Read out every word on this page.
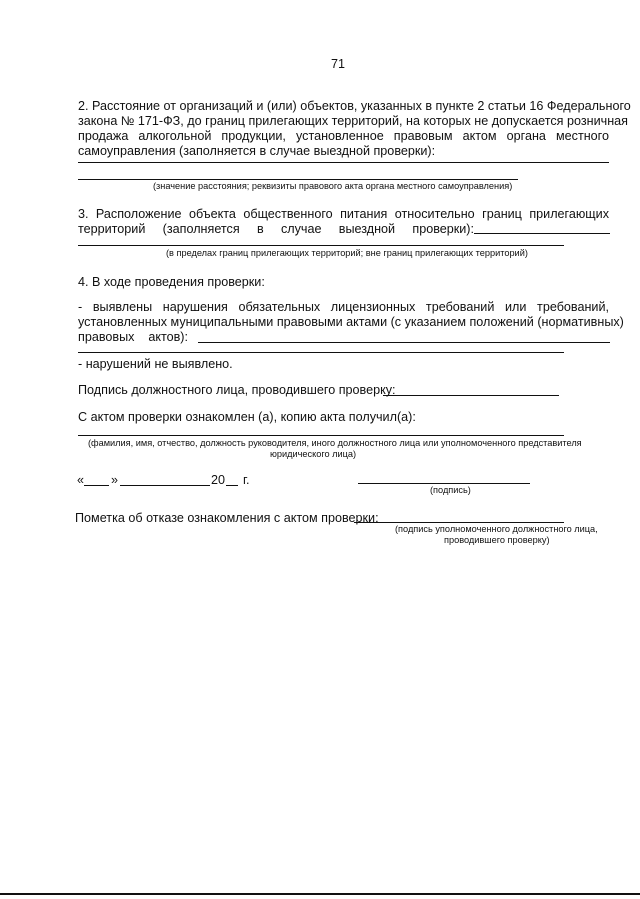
71
2. Расстояние от организаций и (или) объектов, указанных в пункте 2 статьи 16 Федерального
закона № 171-ФЗ, до границ прилегающих территорий, на которых не допускается розничная
продажа алкогольной продукции, установленное правовым актом органа местного
самоуправления (заполняется в случае выездной проверки):
(значение расстояния; реквизиты правового акта органа местного самоуправления)
3. Расположение объекта общественного питания относительно границ прилегающих
территорий (заполняется в случае выездной проверки):
(в пределах границ прилегающих территорий; вне границ прилегающих территорий)
4. В ходе проведения проверки:
- выявлены нарушения обязательных лицензионных требований или требований,
установленных муниципальными правовыми актами (с указанием положений (нормативных)
правовых актов):
- нарушений не выявлено.
Подпись должностного лица, проводившего проверку:
С актом проверки ознакомлен (а), копию акта получил(а):
(фамилия, имя, отчество, должность руководителя, иного должностного лица или уполномоченного представителя
юридического лица)
« »	20 г.
(подпись)
Пометка об отказе ознакомления с актом проверки:
(подпись уполномоченного должностного лица,
проводившего проверку)
